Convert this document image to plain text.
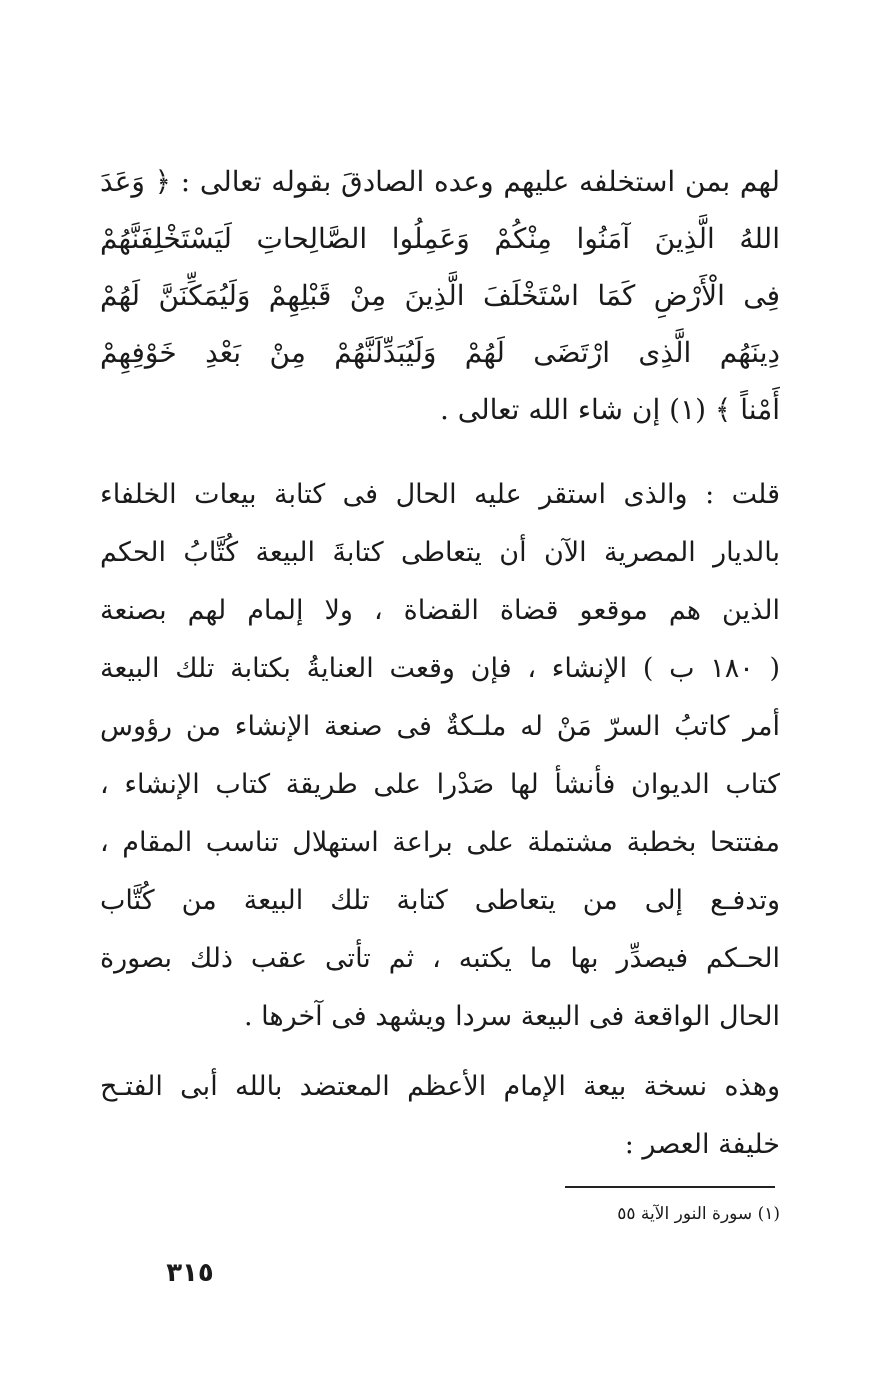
لهم بمن استخلفه عليهم وعده الصادقَ بقوله تعالى : ﴿ وَعَدَ
اللهُ الَّذِينَ آمَنُوا مِنْكُمْ وَعَمِلُوا الصَّالِحاتِ لَيَسْتَخْلِفَنَّهُمْ
فِى الْأَرْضِ كَمَا اسْتَخْلَفَ الَّذِينَ مِنْ قَبْلِهِمْ وَلَيُمَكِّنَنَّ لَهُمْ
دِينَهُم الَّذِى ارْتَضَى لَهُمْ وَلَيُبَدِّلَنَّهُمْ مِنْ بَعْدِ خَوْفِهِمْ
أَمْناً ﴾ (١) إن شاء الله تعالى .
قلت : والذى استقر عليه الحال فى كتابة بيعات الخلفاء
بالديار المصرية الآن أن يتعاطى كتابةَ البيعة كُتَّابُ الحكم
الذين هم موقعو قضاة القضاة ، ولا إلمام لهم بصنعة
( ١٨٠ ب ) الإنشاء ، فإن وقعت العنايةُ بكتابة تلك البيعة
أمر كاتبُ السرّ مَنْ له ملـكةٌ فى صنعة الإنشاء من رؤوس
كتاب الديوان فأنشأ لها صَدْرا على طريقة كتاب الإنشاء ،
مفتتحا بخطبة مشتملة على براعة استهلال تناسب المقام ،
وتدفـع إلى من يتعاطى كتابة تلك البيعة من كُتَّاب
الحـكم فيصدِّر بها ما يكتبه ، ثم تأتى عقب ذلك بصورة
الحال الواقعة فى البيعة سردا ويشهد فى آخرها .
وهذه نسخة بيعة الإمام الأعظم المعتضد بالله أبى الفتـح
خليفة العصر :
(١) سورة النور الآية ٥٥
٣١٥
